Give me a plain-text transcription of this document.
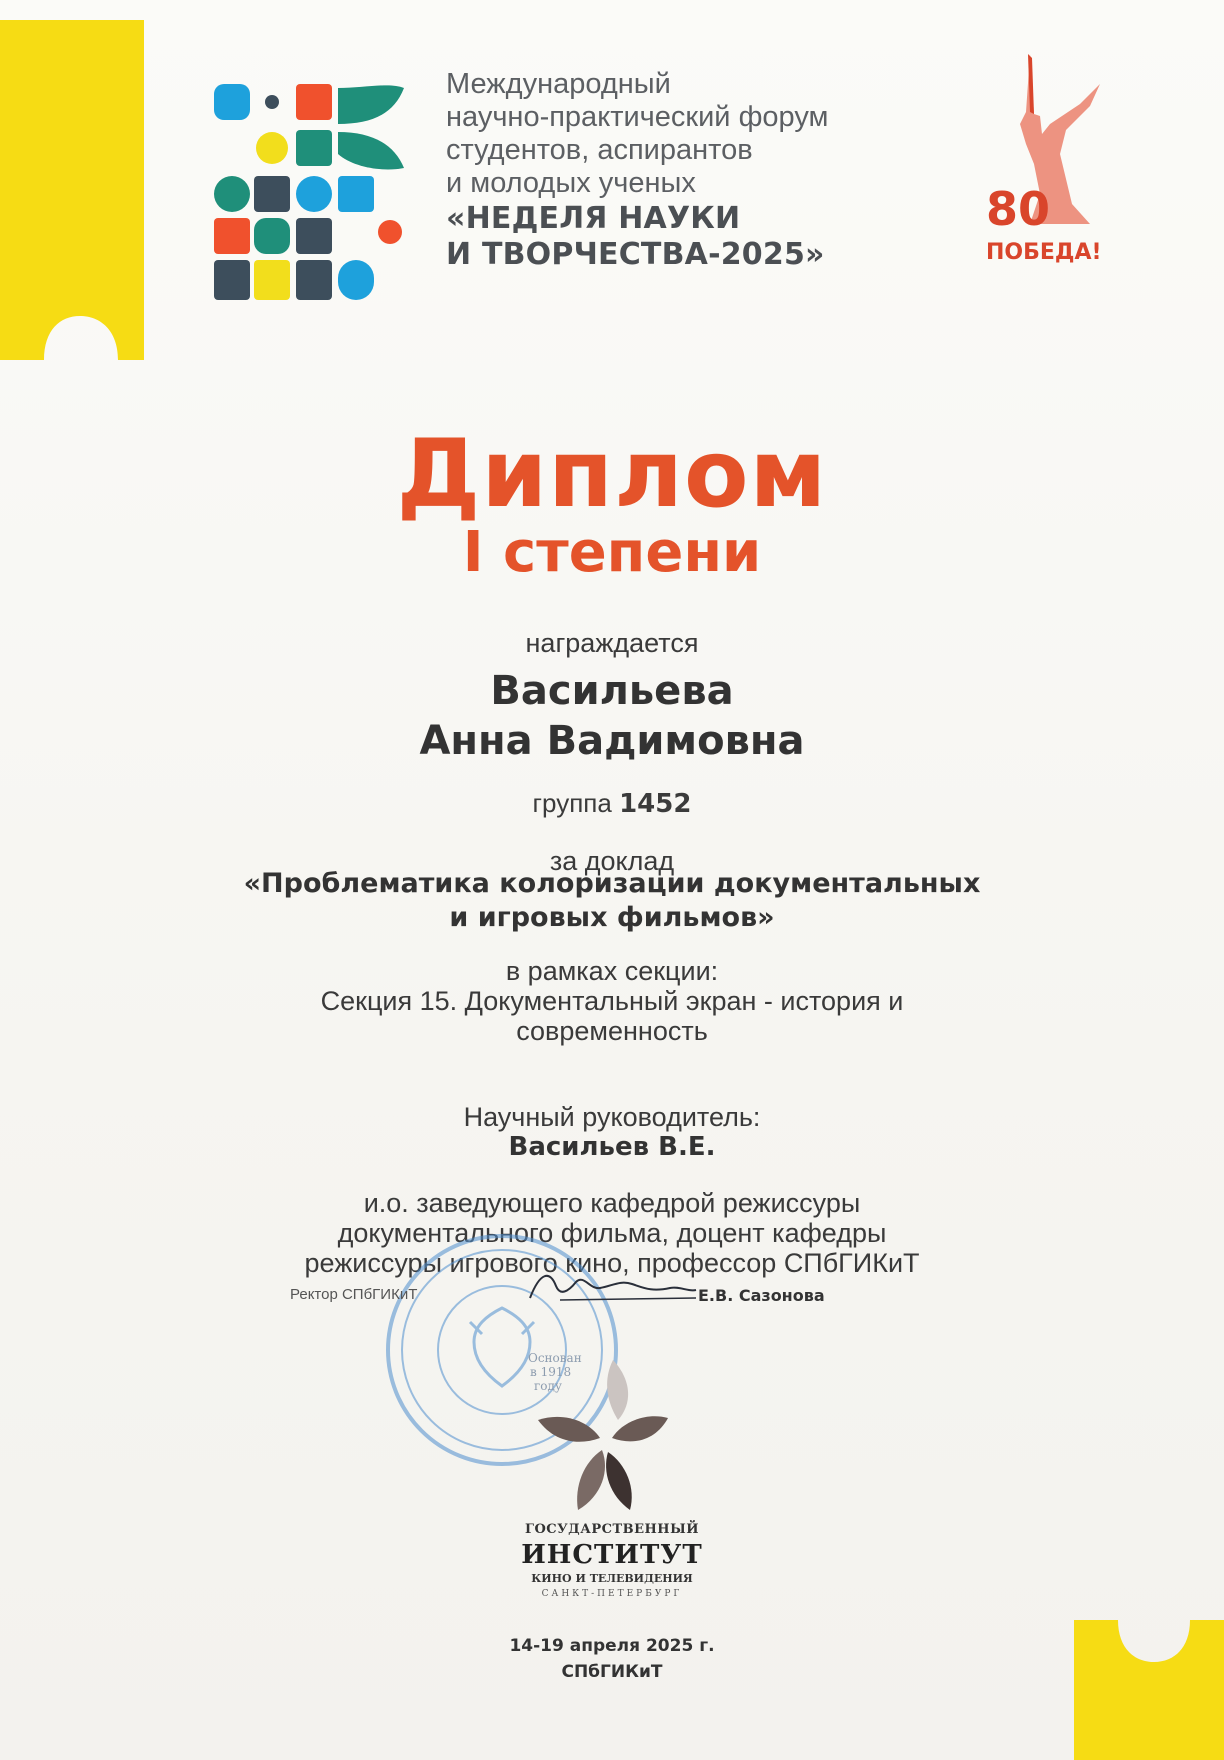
Международный
научно-практический форум
студентов, аспирантов
и молодых ученых
«НЕДЕЛЯ НАУКИ
И ТВОРЧЕСТВА-2025»
80
ПОБЕДА!
Диплом
I степени
награждается
Васильева
Анна Вадимовна
группа 1452
за доклад
«Проблематика колоризации документальных
и игровых фильмов»
в рамках секции:
Секция 15. Документальный экран - история и
современность
Научный руководитель:
Васильев В.Е.
и.о. заведующего кафедрой режиссуры
документального фильма, доцент кафедры
режиссуры игрового кино, профессор СПбГИКиТ
Основан
в 1918
году
Ректор СПбГИКиТ	Е.В. Сазонова
ГОСУДАРСТВЕННЫЙ
ИНСТИТУТ
КИНО И ТЕЛЕВИДЕНИЯ
САНКТ-ПЕТЕРБУРГ
14-19 апреля 2025 г.
СПбГИКиТ
